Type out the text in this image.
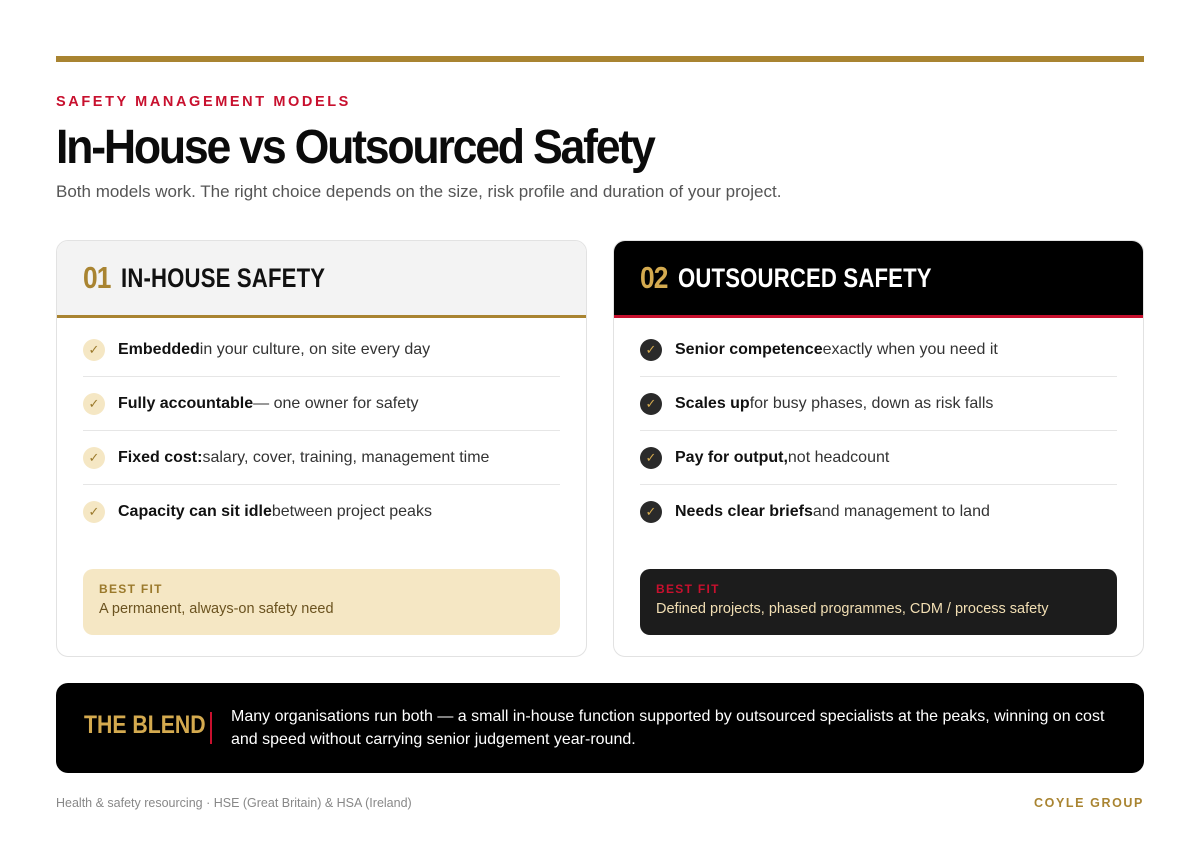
SAFETY MANAGEMENT MODELS
In-House vs Outsourced Safety
Both models work. The right choice depends on the size, risk profile and duration of your project.
01 IN-HOUSE SAFETY
✓	Embedded in your culture, on site every day
✓	Fully accountable — one owner for safety
✓	Fixed cost: salary, cover, training, management time
✓	Capacity can sit idle between project peaks
BEST FIT
A permanent, always-on safety need
02 OUTSOURCED SAFETY
✓	Senior competence exactly when you need it
✓	Scales up for busy phases, down as risk falls
✓	Pay for output, not headcount
✓	Needs clear briefs and management to land
BEST FIT
Defined projects, phased programmes, CDM / process safety
THE BLEND Many organisations run both — a small in-house function supported by outsourced specialists at the peaks, winning on cost and speed without carrying senior judgement year-round.
Health & safety resourcing · HSE (Great Britain) & HSA (Ireland)	COYLE GROUP
